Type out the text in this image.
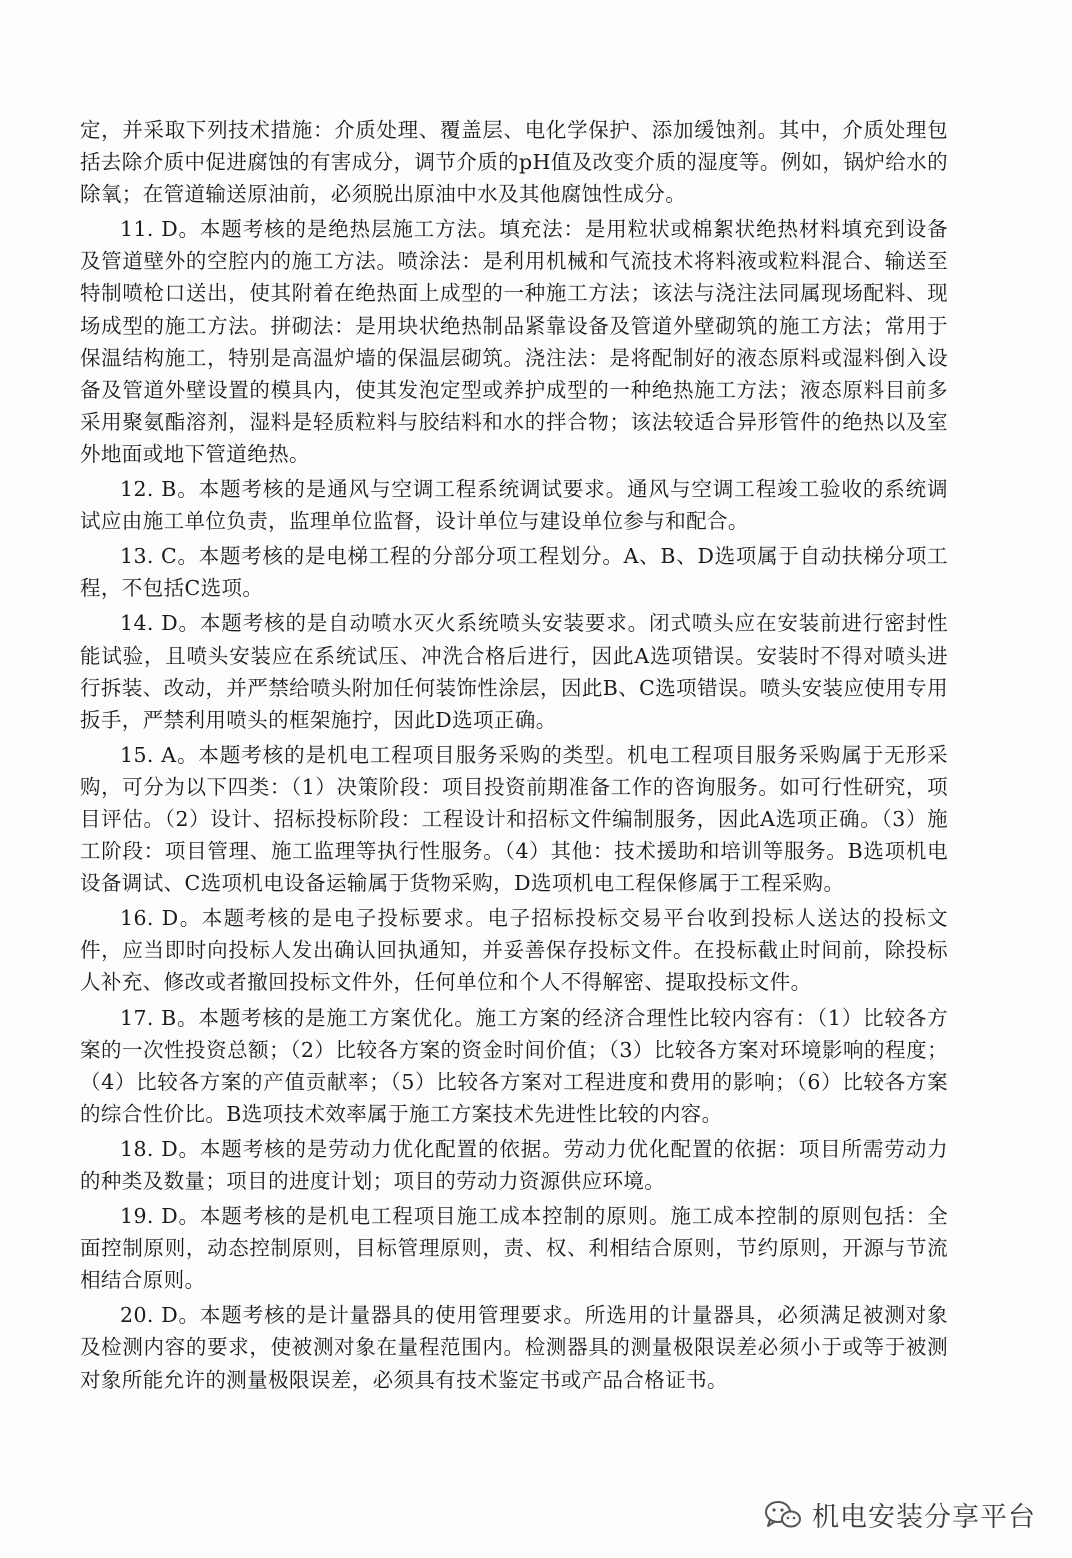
定，并采取下列技术措施：介质处理、覆盖层、电化学保护、添加缓蚀剂。其中，介质处理包括去除介质中促进腐蚀的有害成分，调节介质的pH值及改变介质的湿度等。例如，锅炉给水的除氧；在管道输送原油前，必须脱出原油中水及其他腐蚀性成分。

11. D。本题考核的是绝热层施工方法。填充法：是用粒状或棉絮状绝热材料填充到设备及管道壁外的空腔内的施工方法。喷涂法：是利用机械和气流技术将料液或粒料混合、输送至特制喷枪口送出，使其附着在绝热面上成型的一种施工方法；该法与浇注法同属现场配料、现场成型的施工方法。拼砌法：是用块状绝热制品紧靠设备及管道外壁砌筑的施工方法；常用于保温结构施工，特别是高温炉墙的保温层砌筑。浇注法：是将配制好的液态原料或湿料倒入设备及管道外壁设置的模具内，使其发泡定型或养护成型的一种绝热施工方法；液态原料目前多采用聚氨酯溶剂，湿料是轻质粒料与胶结料和水的拌合物；该法较适合异形管件的绝热以及室外地面或地下管道绝热。

12. B。本题考核的是通风与空调工程系统调试要求。通风与空调工程竣工验收的系统调试应由施工单位负责，监理单位监督，设计单位与建设单位参与和配合。

13. C。本题考核的是电梯工程的分部分项工程划分。A、B、D选项属于自动扶梯分项工程，不包括C选项。

14. D。本题考核的是自动喷水灭火系统喷头安装要求。闭式喷头应在安装前进行密封性能试验，且喷头安装应在系统试压、冲洗合格后进行，因此A选项错误。安装时不得对喷头进行拆装、改动，并严禁给喷头附加任何装饰性涂层，因此B、C选项错误。喷头安装应使用专用扳手，严禁利用喷头的框架施拧，因此D选项正确。

15. A。本题考核的是机电工程项目服务采购的类型。机电工程项目服务采购属于无形采购，可分为以下四类：（1）决策阶段：项目投资前期准备工作的咨询服务。如可行性研究，项目评估。（2）设计、招标投标阶段：工程设计和招标文件编制服务，因此A选项正确。（3）施工阶段：项目管理、施工监理等执行性服务。（4）其他：技术援助和培训等服务。B选项机电设备调试、C选项机电设备运输属于货物采购，D选项机电工程保修属于工程采购。

16. D。本题考核的是电子投标要求。电子招标投标交易平台收到投标人送达的投标文件，应当即时向投标人发出确认回执通知，并妥善保存投标文件。在投标截止时间前，除投标人补充、修改或者撤回投标文件外，任何单位和个人不得解密、提取投标文件。

17. B。本题考核的是施工方案优化。施工方案的经济合理性比较内容有：（1）比较各方案的一次性投资总额；（2）比较各方案的资金时间价值；（3）比较各方案对环境影响的程度；（4）比较各方案的产值贡献率；（5）比较各方案对工程进度和费用的影响；（6）比较各方案的综合性价比。B选项技术效率属于施工方案技术先进性比较的内容。

18. D。本题考核的是劳动力优化配置的依据。劳动力优化配置的依据：项目所需劳动力的种类及数量；项目的进度计划；项目的劳动力资源供应环境。

19. D。本题考核的是机电工程项目施工成本控制的原则。施工成本控制的原则包括：全面控制原则，动态控制原则，目标管理原则，责、权、利相结合原则，节约原则，开源与节流相结合原则。

20. D。本题考核的是计量器具的使用管理要求。所选用的计量器具，必须满足被测对象及检测内容的要求，使被测对象在量程范围内。检测器具的测量极限误差必须小于或等于被测对象所能允许的测量极限误差，必须具有技术鉴定书或产品合格证书。

机电安装分享平台
